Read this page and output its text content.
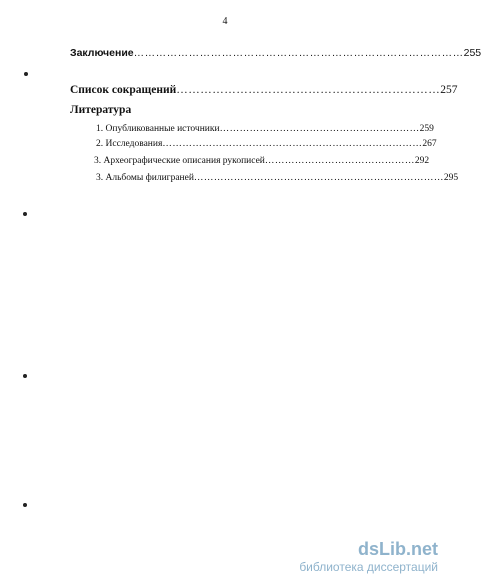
4
Заключение ……………………………………………………………………………… 255
Список сокращений ………………………………………………………… 257
Литература
1. Опубликованные источники …………………………………………………… 259
2. Исследования …………………………………………………………………… 267
3. Археографические описания рукописей ……………………………………… 292
3. Альбомы филиграней ………………………………………………………………… 295
dsLib.net
библиотека диссертаций
